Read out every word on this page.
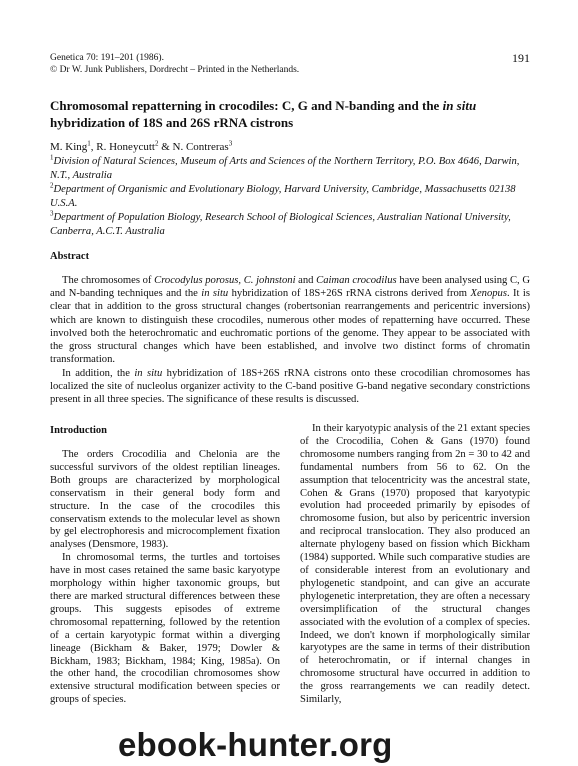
Genetica 70: 191–201 (1986).
© Dr W. Junk Publishers, Dordrecht – Printed in the Netherlands.
191
Chromosomal repatterning in crocodiles: C, G and N-banding and the in situ
hybridization of 18S and 26S rRNA cistrons
M. King$^1$, R. Honeycutt$^2$ & N. Contreras$^3$
$^1$Division of Natural Sciences, Museum of Arts and Sciences of the Northern Territory, P.O. Box 4646, Darwin, N.T., Australia
$^2$Department of Organismic and Evolutionary Biology, Harvard University, Cambridge, Massachusetts 02138 U.S.A.
$^3$Department of Population Biology, Research School of Biological Sciences, Australian National University, Canberra, A.C.T. Australia
Abstract
The chromosomes of Crocodylus porosus, C. johnstoni and Caiman crocodilus have been analysed using C, G and N-banding techniques and the in situ hybridization of 18S+26S rRNA cistrons derived from Xenopus. It is clear that in addition to the gross structural changes (robertsonian rearrangements and pericentric inversions) which are known to distinguish these crocodiles, numerous other modes of repatterning have occurred. These involved both the heterochromatic and euchromatic portions of the genome. They appear to be associated with the gross structural changes which have been established, and involve two distinct forms of chromatin transformation.
In addition, the in situ hybridization of 18S+26S rRNA cistrons onto these crocodilian chromosomes has localized the site of nucleolus organizer activity to the C-band positive G-band negative secondary constrictions present in all three species. The significance of these results is discussed.
Introduction

The orders Crocodilia and Chelonia are the successful survivors of the oldest reptilian lineages. Both groups are characterized by morphological conservatism in their general body form and structure. In the case of the crocodiles this conservatism extends to the molecular level as shown by gel electrophoresis and microcomplement fixation analyses (Densmore, 1983).

In chromosomal terms, the turtles and tortoises have in most cases retained the same basic karyotype morphology within higher taxonomic groups, but there are marked structural differences between these groups. This suggests episodes of extreme chromosomal repatterning, followed by the retention of a certain karyotypic format within a diverging lineage (Bickham & Baker, 1979; Dowler & Bickham, 1983; Bickham, 1984; King, 1985a). On the other hand, the crocodilian chromosomes show extensive structural modification between species or groups of species.

In their karyotypic analysis of the 21 extant species of the Crocodilia, Cohen & Gans (1970) found chromosome numbers ranging from 2n = 30 to 42 and fundamental numbers from 56 to 62. On the assumption that telocentricity was the ancestral state, Cohen & Grans (1970) proposed that karyotypic evolution had proceeded primarily by episodes of chromosome fusion, but also by pericentric inversion and reciprocal translocation. They also produced an alternate phylogeny based on fission which Bickham (1984) supported. While such comparative studies are of considerable interest from an evolutionary and phylogenetic standpoint, and can give an accurate phylogenetic interpretation, they are often a necessary oversimplification of the structural changes associated with the evolution of a complex of species. Indeed, we don't known if morphologically similar karyotypes are the same in terms of their distribution of heterochromatin, or if internal changes in chromosome structural have occurred in addition to the gross rearrangements we can readily detect. Similarly,

ebook-hunter.org
